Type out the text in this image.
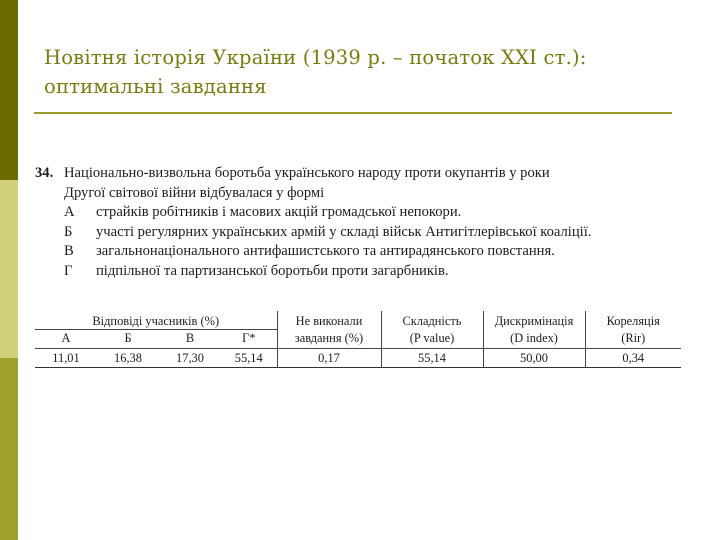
Новітня історія України (1939 р. – початок XXI ст.):
оптимальні завдання
34. Національно-визвольна боротьба українського народу проти окупантів у роки
Другої світової війни відбувалася у формі
А	страйків робітників і масових акцій громадської непокори.
Б	участі регулярних українських армій у складі військ Антигітлерівської коаліції.
В	загальнонаціонального антифашистського та антирадянського повстання.
Г	підпільної та партизанської боротьби проти загарбників.
Відповіді учасників (%)				Не виконали	Складність	Дискримінація	Кореляція
А	Б	В	Г*	завдання (%)	(P value)	(D index)	(Rir)
11,01	16,38	17,30	55,14	0,17	55,14	50,00	0,34
